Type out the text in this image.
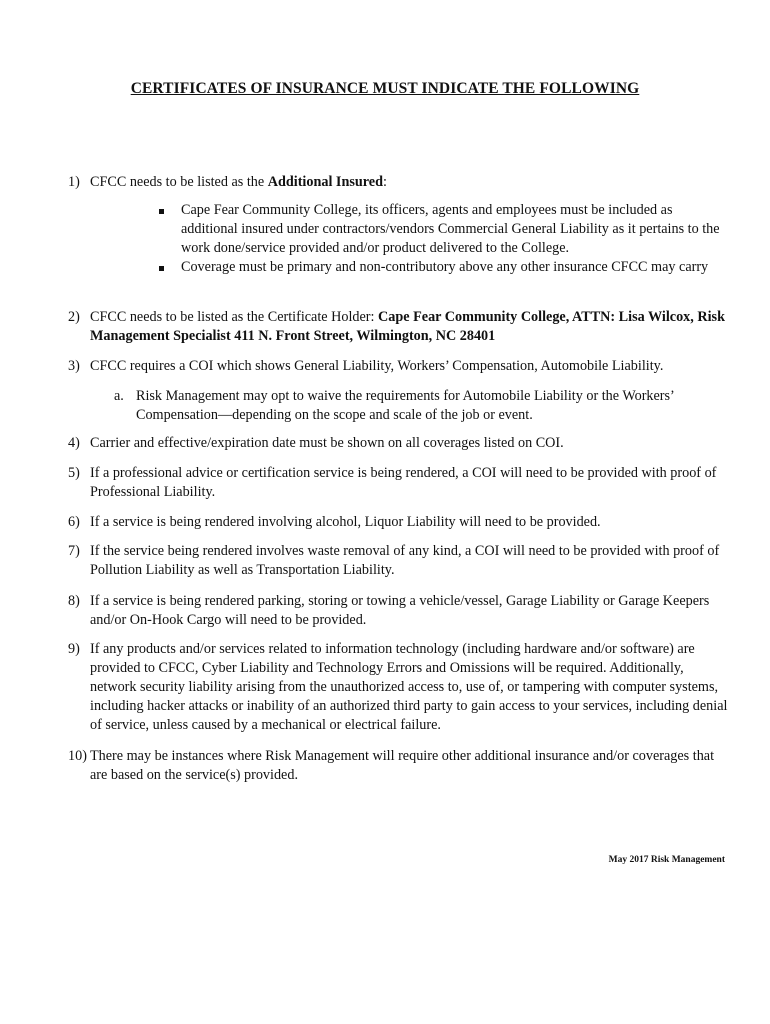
CERTIFICATES OF INSURANCE MUST INDICATE THE FOLLOWING
1) CFCC needs to be listed as the Additional Insured:
Cape Fear Community College, its officers, agents and employees must be included as additional insured under contractors/vendors Commercial General Liability as it pertains to the work done/service provided and/or product delivered to the College.
Coverage must be primary and non-contributory above any other insurance CFCC may carry
2) CFCC needs to be listed as the Certificate Holder: Cape Fear Community College, ATTN: Lisa Wilcox, Risk Management Specialist 411 N. Front Street, Wilmington, NC 28401
3) CFCC requires a COI which shows General Liability, Workers’ Compensation, Automobile Liability.
a. Risk Management may opt to waive the requirements for Automobile Liability or the Workers’ Compensation—depending on the scope and scale of the job or event.
4) Carrier and effective/expiration date must be shown on all coverages listed on COI.
5) If a professional advice or certification service is being rendered, a COI will need to be provided with proof of Professional Liability.
6) If a service is being rendered involving alcohol, Liquor Liability will need to be provided.
7) If the service being rendered involves waste removal of any kind, a COI will need to be provided with proof of Pollution Liability as well as Transportation Liability.
8) If a service is being rendered parking, storing or towing a vehicle/vessel, Garage Liability or Garage Keepers and/or On-Hook Cargo will need to be provided.
9) If any products and/or services related to information technology (including hardware and/or software) are provided to CFCC, Cyber Liability and Technology Errors and Omissions will be required. Additionally, network security liability arising from the unauthorized access to, use of, or tampering with computer systems, including hacker attacks or inability of an authorized third party to gain access to your services, including denial of service, unless caused by a mechanical or electrical failure.
10) There may be instances where Risk Management will require other additional insurance and/or coverages that are based on the service(s) provided.
May 2017 Risk Management
